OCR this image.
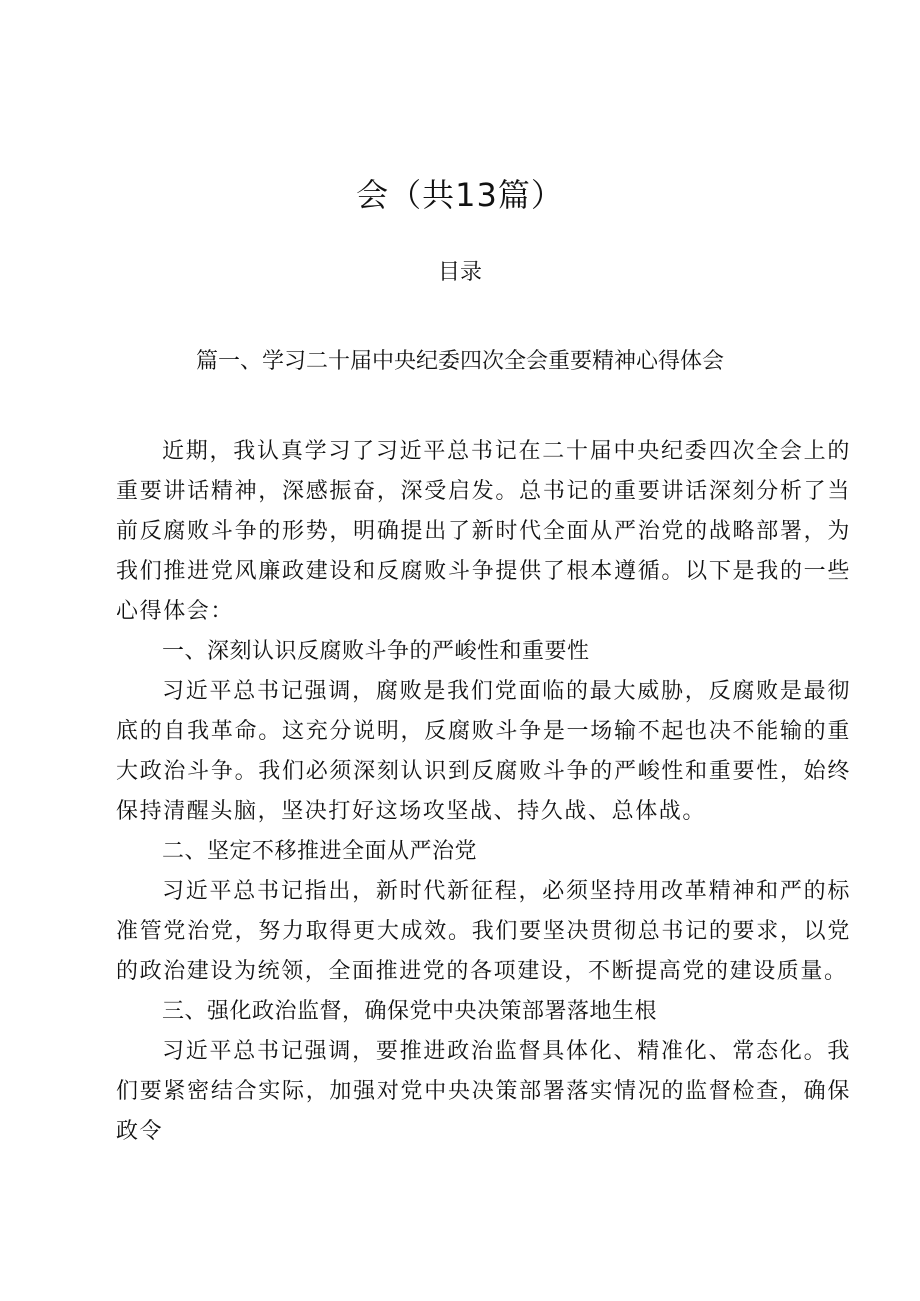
会（共13篇）
目录
篇一、学习二十届中央纪委四次全会重要精神心得体会

近期，我认真学习了习近平总书记在二十届中央纪委四次全会上的重要讲话精神，深感振奋，深受启发。总书记的重要讲话深刻分析了当前反腐败斗争的形势，明确提出了新时代全面从严治党的战略部署，为我们推进党风廉政建设和反腐败斗争提供了根本遵循。以下是我的一些心得体会：

一、深刻认识反腐败斗争的严峻性和重要性

习近平总书记强调，腐败是我们党面临的最大威胁，反腐败是最彻底的自我革命。这充分说明，反腐败斗争是一场输不起也决不能输的重大政治斗争。我们必须深刻认识到反腐败斗争的严峻性和重要性，始终保持清醒头脑，坚决打好这场攻坚战、持久战、总体战。

二、坚定不移推进全面从严治党

习近平总书记指出，新时代新征程，必须坚持用改革精神和严的标准管党治党，努力取得更大成效。我们要坚决贯彻总书记的要求，以党的政治建设为统领，全面推进党的各项建设，不断提高党的建设质量。

三、强化政治监督，确保党中央决策部署落地生根

习近平总书记强调，要推进政治监督具体化、精准化、常态化。我们要紧密结合实际，加强对党中央决策部署落实情况的监督检查，确保政令
